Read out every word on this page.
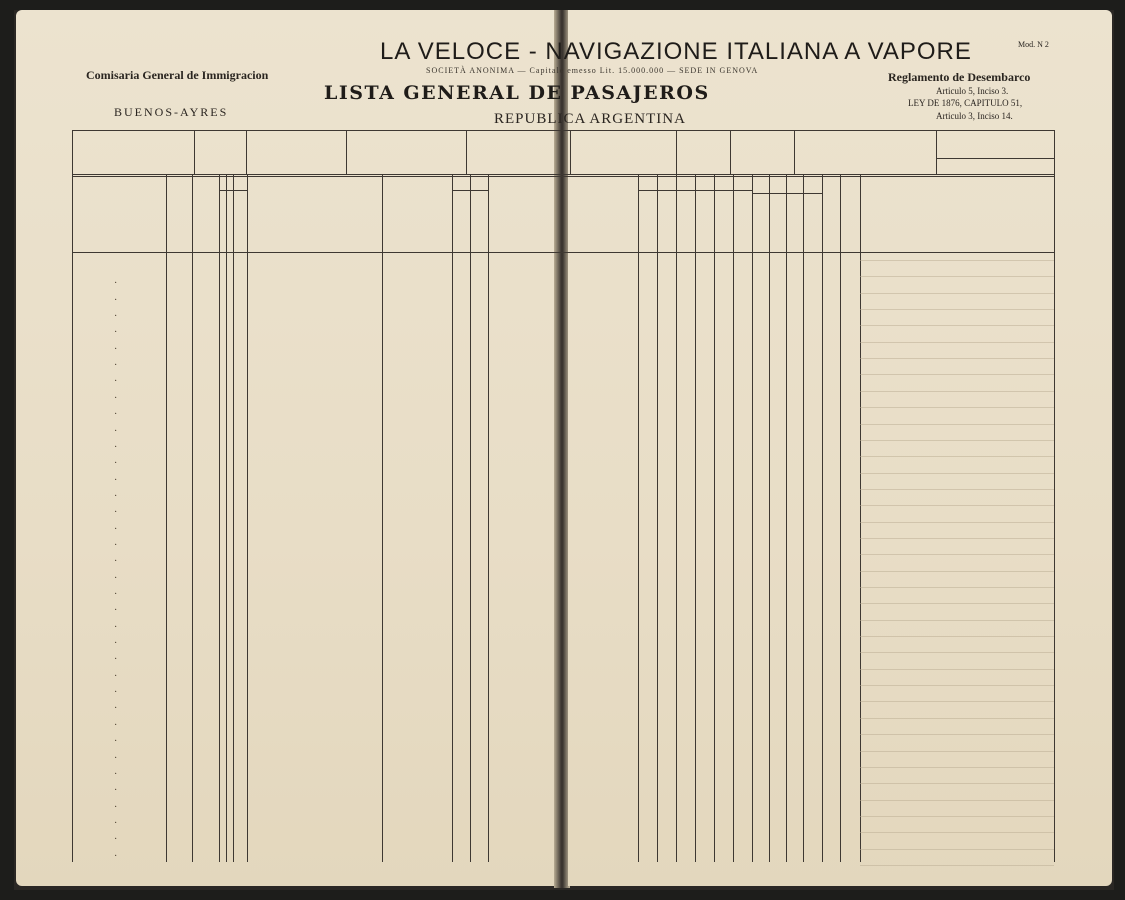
Comisaria General de Immigracion
BUENOS-AYRES
Mod. N 2
Reglamento de Desembarco
Articulo 5, Inciso 3.
LEY DE 1876, CAPITULO 51,
Articulo 3, Inciso 14.
LA VELOCE - NAVIGAZIONE ITALIANA A VAPORE
SOCIETÀ ANONIMA — Capitale emesso Lit. 15.000.000 — SEDE IN GENOVA
LISTA GENERAL DE PASAJEROS
REPUBLICA ARGENTINA
·
·
·
·
·
·
·
·
·
·
·
·
·
·
·
·
·
·
·
·
·
·
·
·
·
·
·
·
·
·
·
·
·
·
·
·
